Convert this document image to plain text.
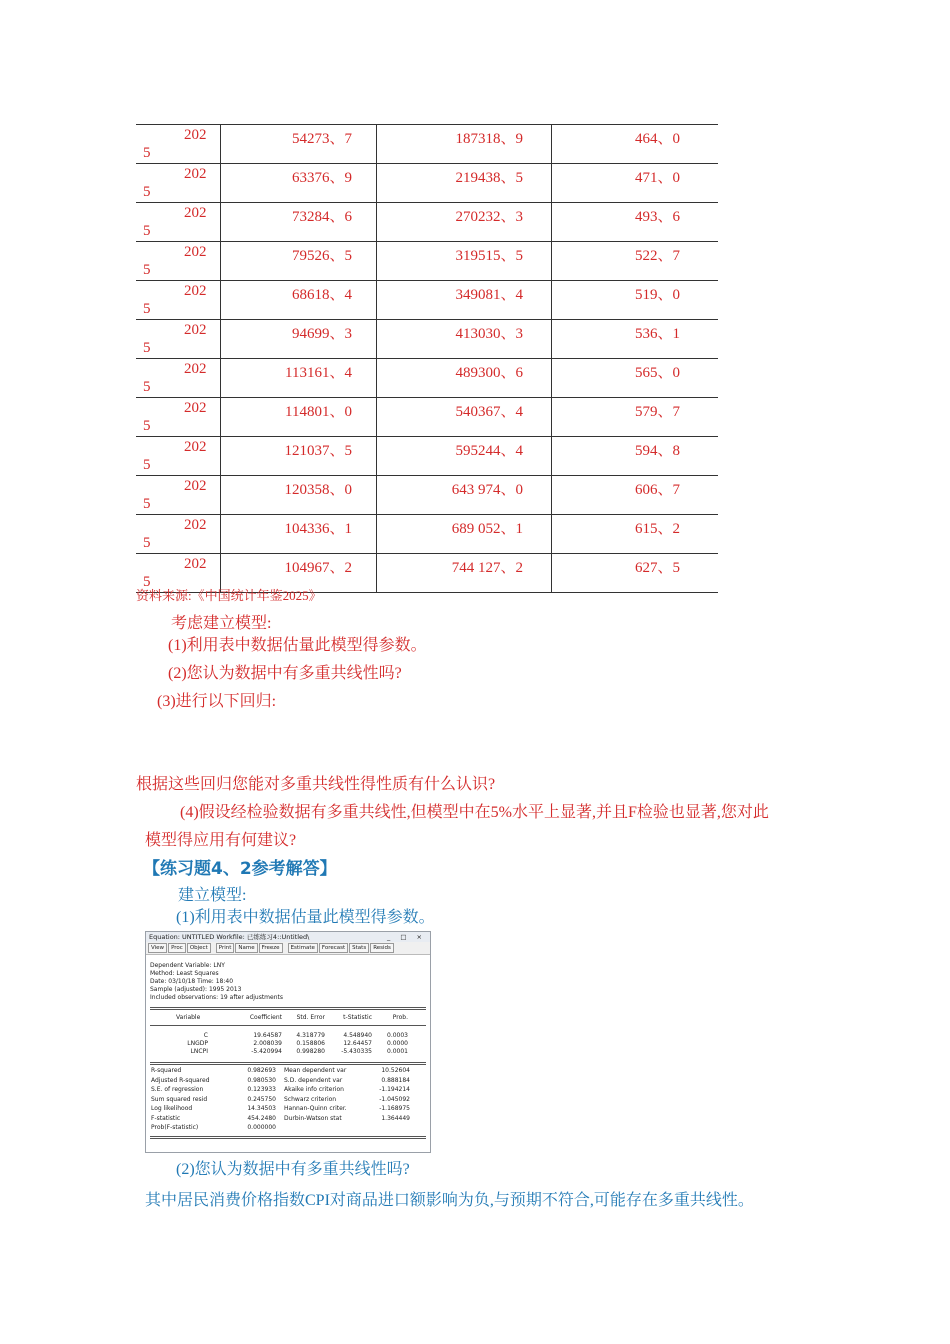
202
5	54273、7	187318、9	464、0

202
5	63376、9	219438、5	471、0

202
5	73284、6	270232、3	493、6

202
5	79526、5	319515、5	522、7

202
5	68618、4	349081、4	519、0

202
5	94699、3	413030、3	536、1

202
5	113161、4	489300、6	565、0

202
5	114801、0	540367、4	579、7

202
5	121037、5	595244、4	594、8

202
5	120358、0	643 974、0	606、7

202
5	104336、1	689 052、1	615、2

202
5	104967、2	744 127、2	627、5
资料来源:《中国统计年鉴2025》
考虑建立模型:
(1)利用表中数据估量此模型得参数。
(2)您认为数据中有多重共线性吗?
(3)进行以下回归:
根据这些回归您能对多重共线性得性质有什么认识?
(4)假设经检验数据有多重共线性,但模型中在5%水平上显著,并且F检验也显著,您对此
模型得应用有何建议?
【练习题4、2参考解答】
建立模型:
(1)利用表中数据估量此模型得参数。
Equation: UNTITLED Workfile: 已练练习4::Untitled\	_ □ ×
View	Proc	Object	Print	Name	Freeze	Estimate	Forecast	Stats	Resids
Dependent Variable: LNY
Method: Least Squares
Date: 03/10/18 Time: 18:40
Sample (adjusted): 1995 2013
Included observations: 19 after adjustments
Variable	Coefficient Std. Error	t-Statistic	Prob.
C	19.64587 4.318779	4.548940	0.0003
LNGDP	2.008039 0.158806	12.64457	0.0000
LNCPI	-5.420994 0.998280	-5.430335	0.0001
R-squared	0.982693 Mean dependent var	10.52604
Adjusted R-squared	0.980530 S.D. dependent var	0.888184
S.E. of regression	0.123933 Akaike info criterion	-1.194214
Sum squared resid	0.245750 Schwarz criterion	-1.045092
Log likelihood	14.34503 Hannan-Quinn criter.	-1.168975
F-statistic	454.2480 Durbin-Watson stat	1.364449
Prob(F-statistic)	0.000000
(2)您认为数据中有多重共线性吗?
其中居民消费价格指数CPI对商品进口额影响为负,与预期不符合,可能存在多重共线性。
